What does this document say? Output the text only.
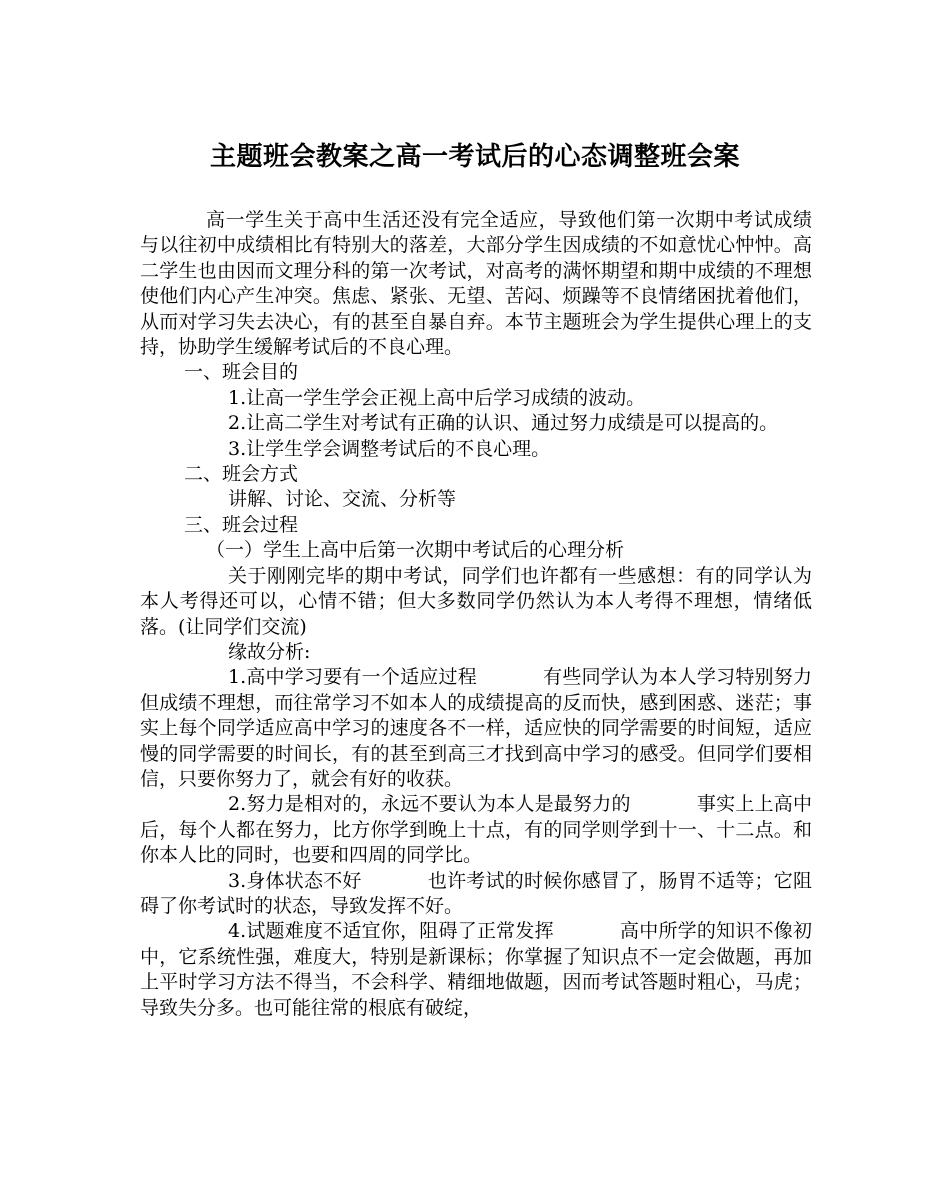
主题班会教案之高一考试后的心态调整班会案

高一学生关于高中生活还没有完全适应，导致他们第一次期中考试成绩与以往初中成绩相比有特别大的落差，大部分学生因成绩的不如意忧心忡忡。高二学生也由因而文理分科的第一次考试，对高考的满怀期望和期中成绩的不理想使他们内心产生冲突。焦虑、紧张、无望、苦闷、烦躁等不良情绪困扰着他们，从而对学习失去决心，有的甚至自暴自弃。本节主题班会为学生提供心理上的支持，协助学生缓解考试后的不良心理。

一、班会目的

1.让高一学生学会正视上高中后学习成绩的波动。

2.让高二学生对考试有正确的认识、通过努力成绩是可以提高的。

3.让学生学会调整考试后的不良心理。

二、班会方式

讲解、讨论、交流、分析等

三、班会过程

（一）学生上高中后第一次期中考试后的心理分析

关于刚刚完毕的期中考试，同学们也许都有一些感想：有的同学认为本人考得还可以，心情不错；但大多数同学仍然认为本人考得不理想，情绪低落。(让同学们交流)

缘故分析:

1.高中学习要有一个适应过程	有些同学认为本人学习特别努力但成绩不理想，而往常学习不如本人的成绩提高的反而快，感到困惑、迷茫；事实上每个同学适应高中学习的速度各不一样，适应快的同学需要的时间短，适应慢的同学需要的时间长，有的甚至到高三才找到高中学习的感受。但同学们要相信，只要你努力了，就会有好的收获。

2.努力是相对的，永远不要认为本人是最努力的	事实上上高中后，每个人都在努力，比方你学到晚上十点，有的同学则学到十一、十二点。和你本人比的同时，也要和四周的同学比。

3.身体状态不好	也许考试的时候你感冒了，肠胃不适等；它阻碍了你考试时的状态，导致发挥不好。

4.试题难度不适宜你，阻碍了正常发挥	高中所学的知识不像初中，它系统性强，难度大，特别是新课标；你掌握了知识点不一定会做题，再加上平时学习方法不得当，不会科学、精细地做题，因而考试答题时粗心，马虎；导致失分多。也可能往常的根底有破绽，
